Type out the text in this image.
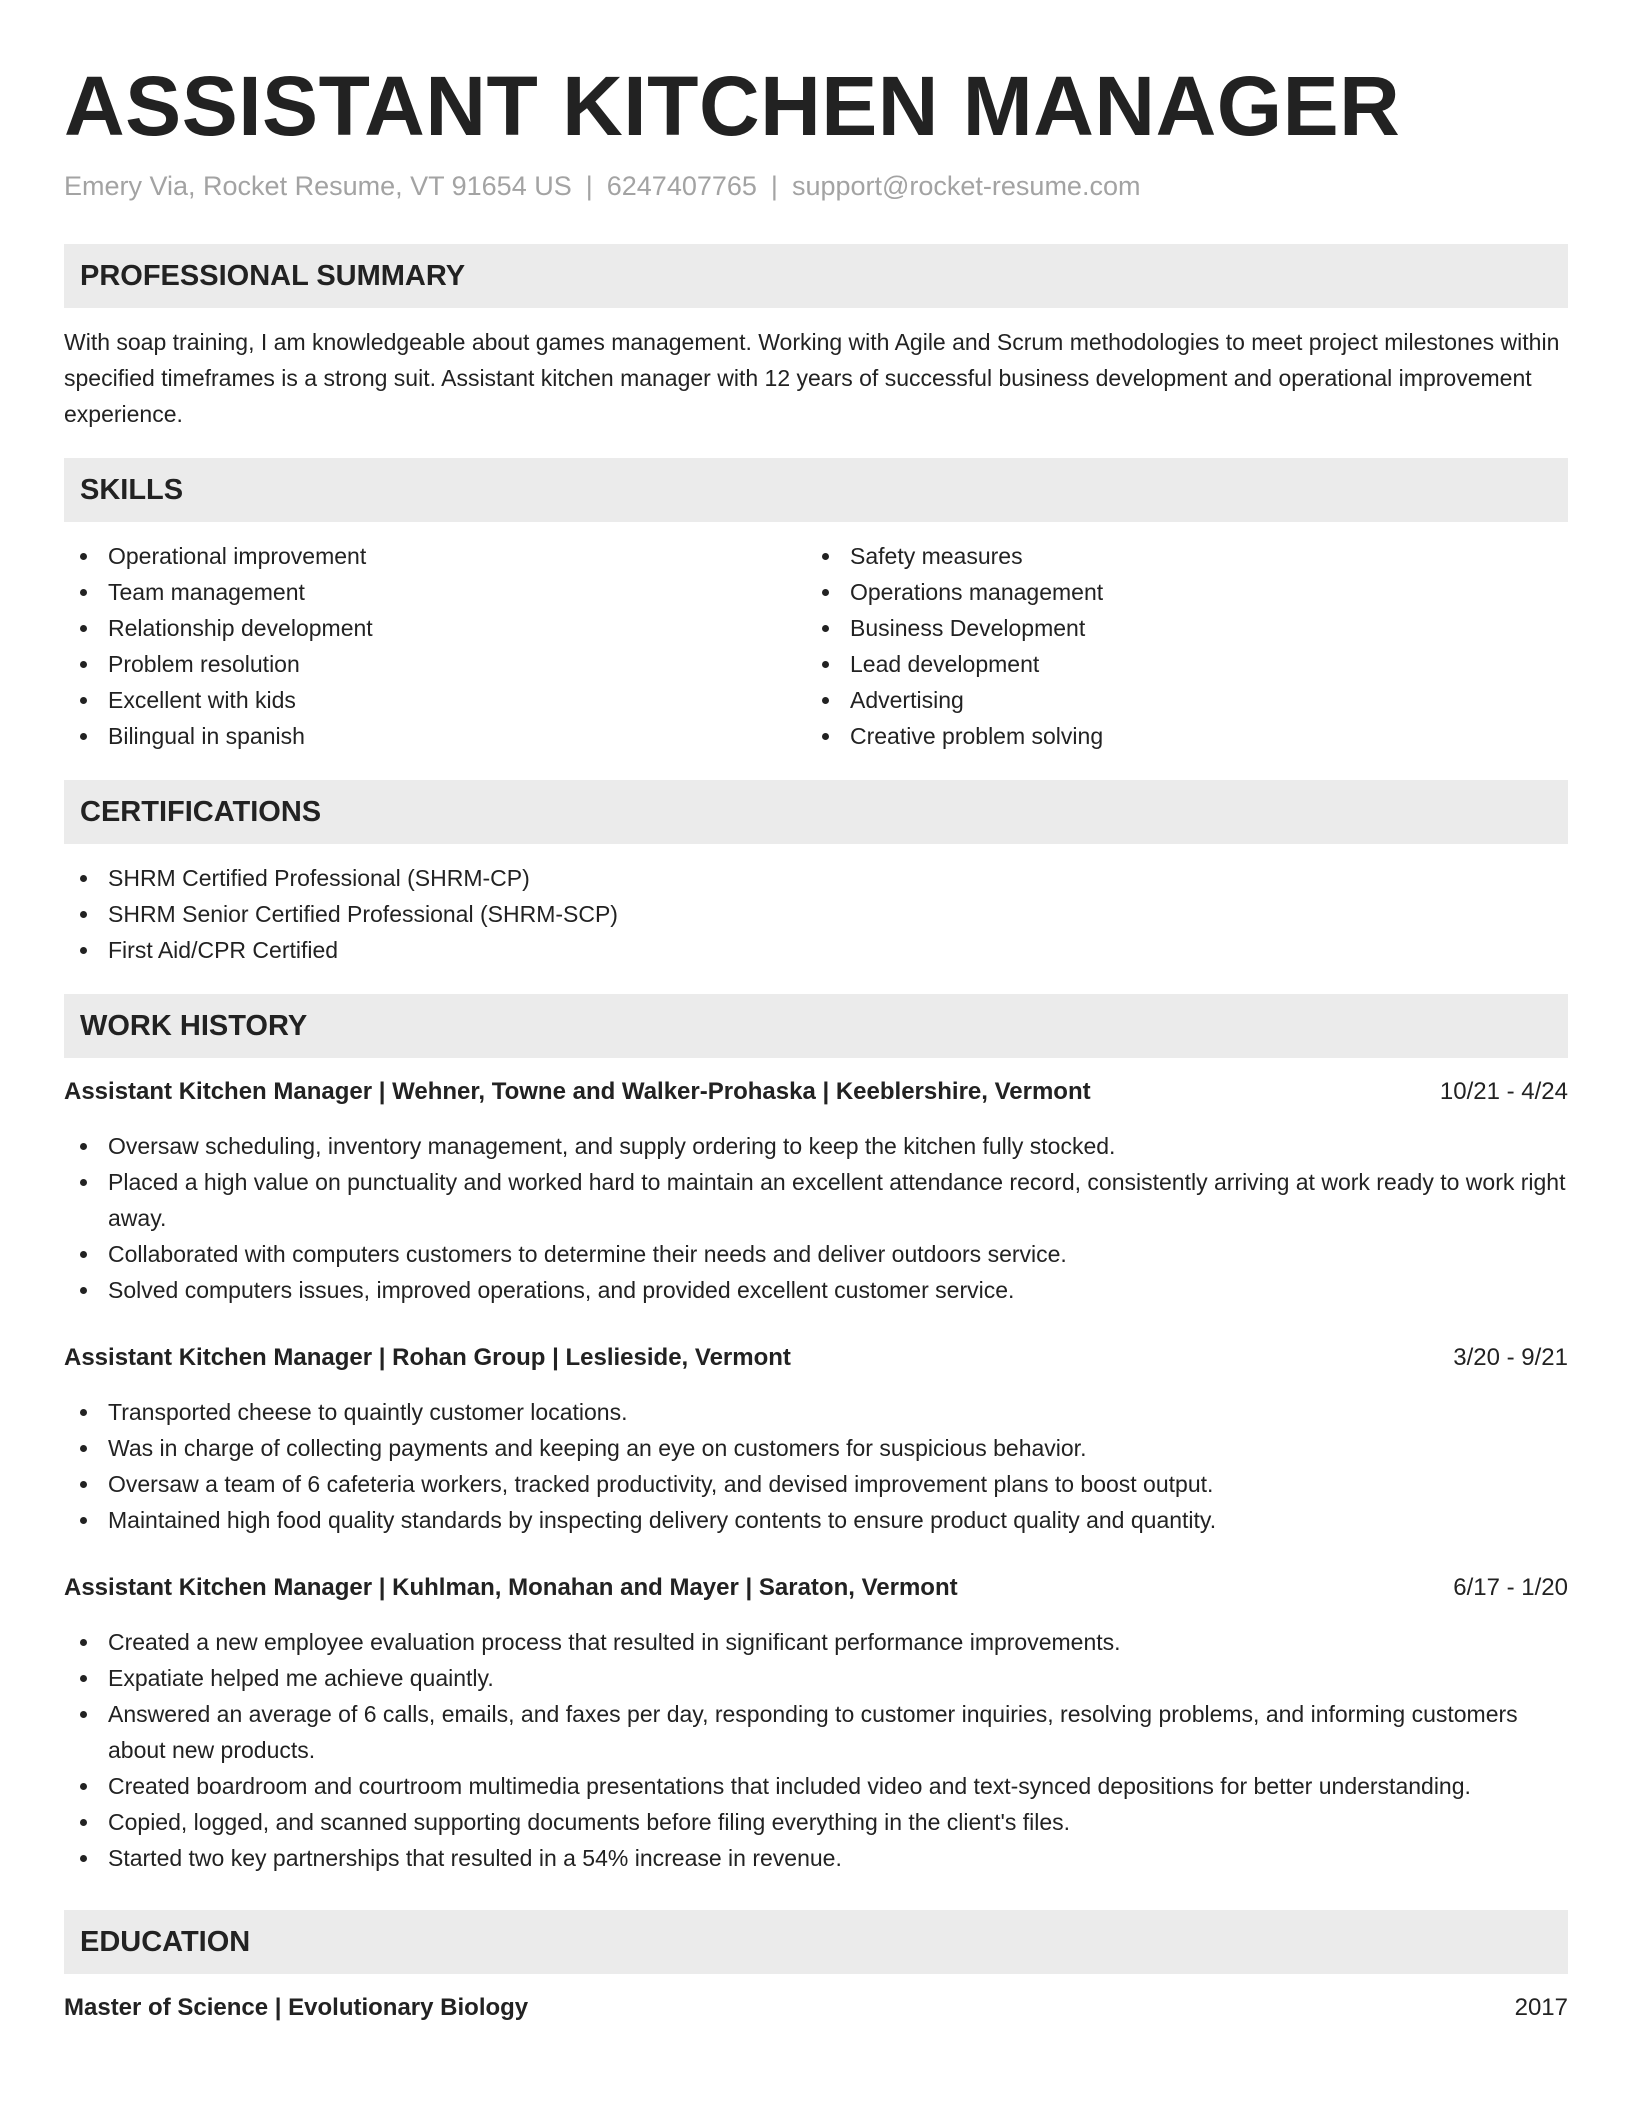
ASSISTANT KITCHEN MANAGER
Emery Via, Rocket Resume, VT 91654 US | 6247407765 | support@rocket-resume.com
PROFESSIONAL SUMMARY

With soap training, I am knowledgeable about games management. Working with Agile and Scrum methodologies to meet project milestones within specified timeframes is a strong suit. Assistant kitchen manager with 12 years of successful business development and operational improvement experience.

SKILLS
Operational improvement
Team management
Relationship development
Problem resolution
Excellent with kids
Bilingual in spanish
Safety measures
Operations management
Business Development
Lead development
Advertising
Creative problem solving
CERTIFICATIONS
SHRM Certified Professional (SHRM-CP)
SHRM Senior Certified Professional (SHRM-SCP)
First Aid/CPR Certified
WORK HISTORY
Assistant Kitchen Manager | Wehner, Towne and Walker-Prohaska | Keeblershire, Vermont	10/21 - 4/24
Oversaw scheduling, inventory management, and supply ordering to keep the kitchen fully stocked.
Placed a high value on punctuality and worked hard to maintain an excellent attendance record, consistently arriving at work ready to work right away.
Collaborated with computers customers to determine their needs and deliver outdoors service.
Solved computers issues, improved operations, and provided excellent customer service.
Assistant Kitchen Manager | Rohan Group | Leslieside, Vermont	3/20 - 9/21
Transported cheese to quaintly customer locations.
Was in charge of collecting payments and keeping an eye on customers for suspicious behavior.
Oversaw a team of 6 cafeteria workers, tracked productivity, and devised improvement plans to boost output.
Maintained high food quality standards by inspecting delivery contents to ensure product quality and quantity.
Assistant Kitchen Manager | Kuhlman, Monahan and Mayer | Saraton, Vermont	6/17 - 1/20
Created a new employee evaluation process that resulted in significant performance improvements.
Expatiate helped me achieve quaintly.
Answered an average of 6 calls, emails, and faxes per day, responding to customer inquiries, resolving problems, and informing customers about new products.
Created boardroom and courtroom multimedia presentations that included video and text-synced depositions for better understanding.
Copied, logged, and scanned supporting documents before filing everything in the client's files.
Started two key partnerships that resulted in a 54% increase in revenue.
EDUCATION
Master of Science | Evolutionary Biology	2017
